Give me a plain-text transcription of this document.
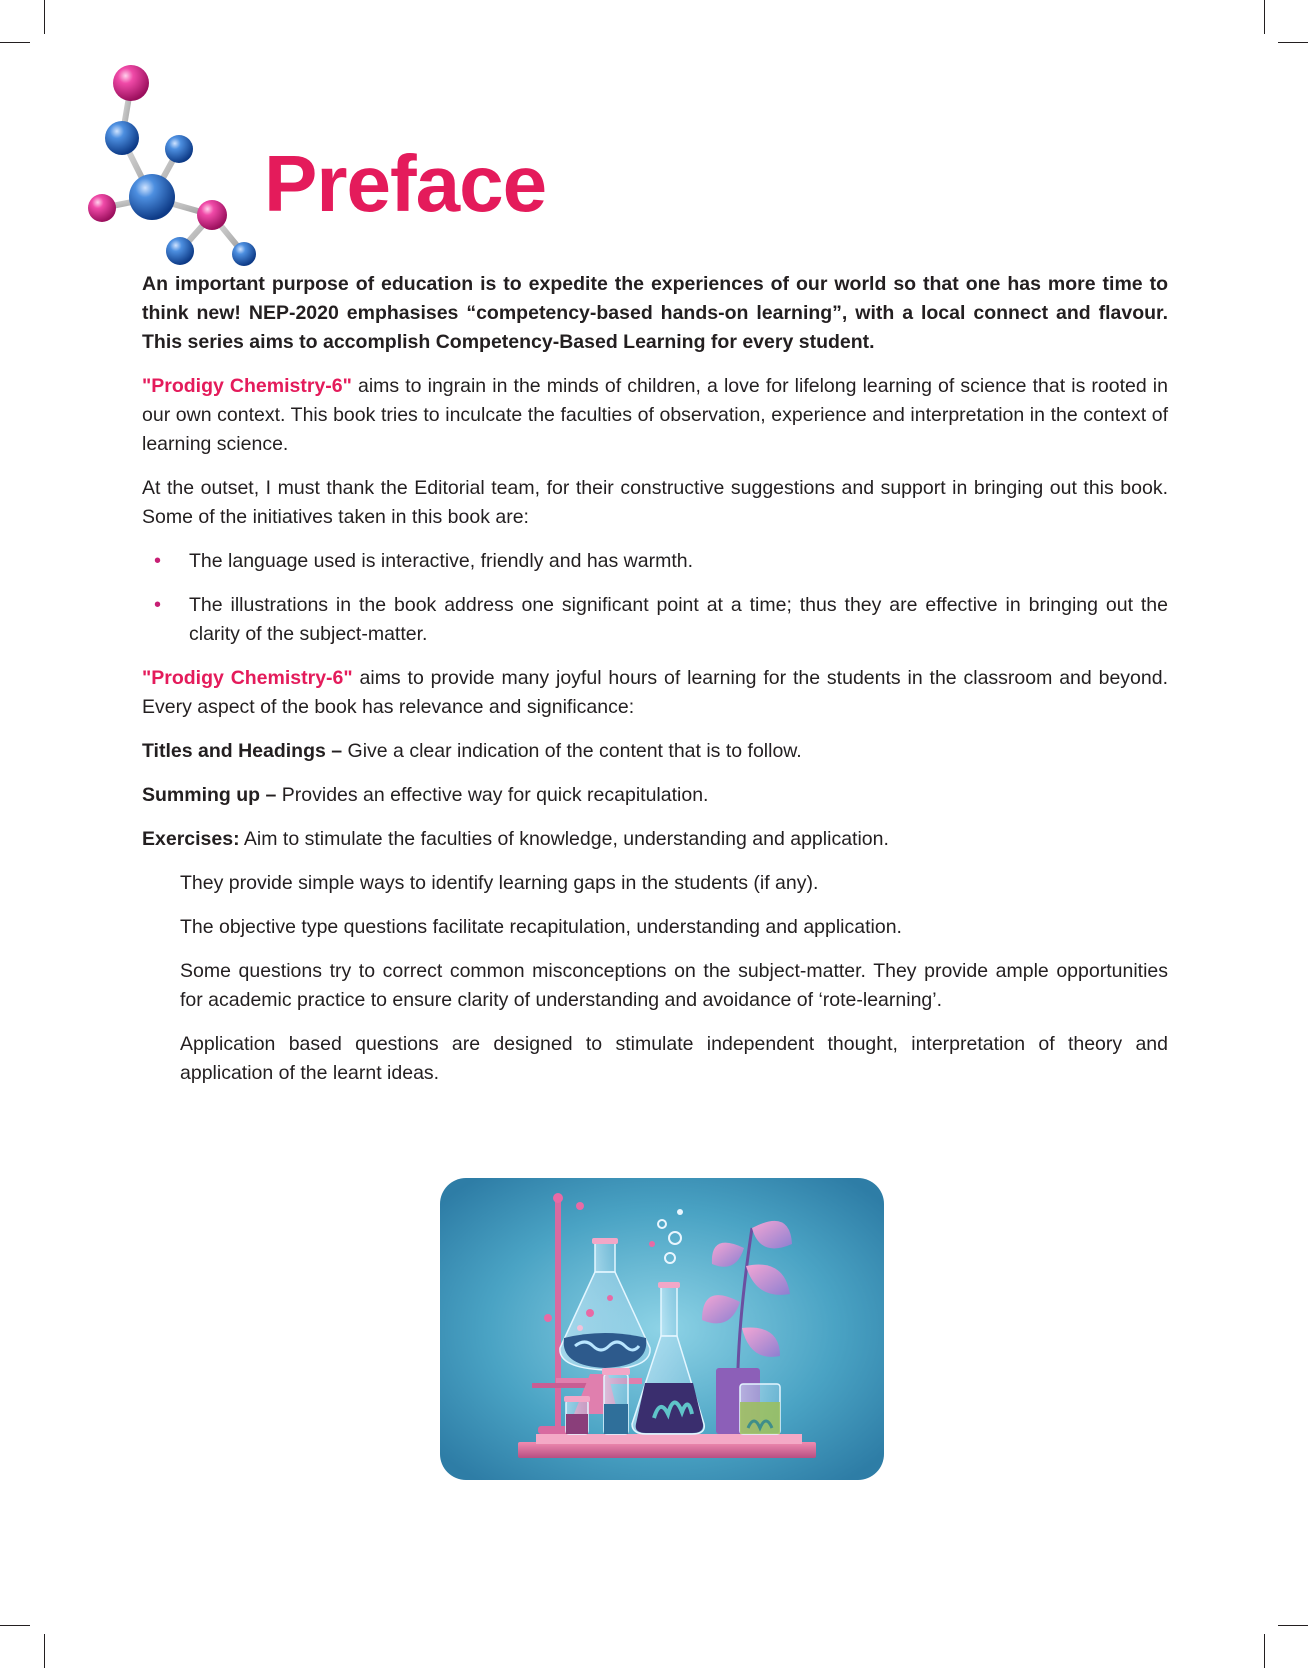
Preface

An important purpose of education is to expedite the experiences of our world so that one has more time to think new! NEP-2020 emphasises “competency-based hands-on learning”, with a local connect and flavour. This series aims to accomplish Competency-Based Learning for every student.

"Prodigy Chemistry-6" aims to ingrain in the minds of children, a love for lifelong learning of science that is rooted in our own context. This book tries to inculcate the faculties of observation, experience and interpretation in the context of learning science.

At the outset, I must thank the Editorial team, for their constructive suggestions and support in bringing out this book. Some of the initiatives taken in this book are:

• The language used is interactive, friendly and has warmth.
• The illustrations in the book address one significant point at a time; thus they are effective in bringing out the clarity of the subject-matter.

"Prodigy Chemistry-6" aims to provide many joyful hours of learning for the students in the classroom and beyond. Every aspect of the book has relevance and significance:

Titles and Headings – Give a clear indication of the content that is to follow.

Summing up – Provides an effective way for quick recapitulation.

Exercises: Aim to stimulate the faculties of knowledge, understanding and application.

They provide simple ways to identify learning gaps in the students (if any).

The objective type questions facilitate recapitulation, understanding and application.

Some questions try to correct common misconceptions on the subject-matter. They provide ample opportunities for academic practice to ensure clarity of understanding and avoidance of ‘rote-learning’.

Application based questions are designed to stimulate independent thought, interpretation of theory and application of the learnt ideas.
